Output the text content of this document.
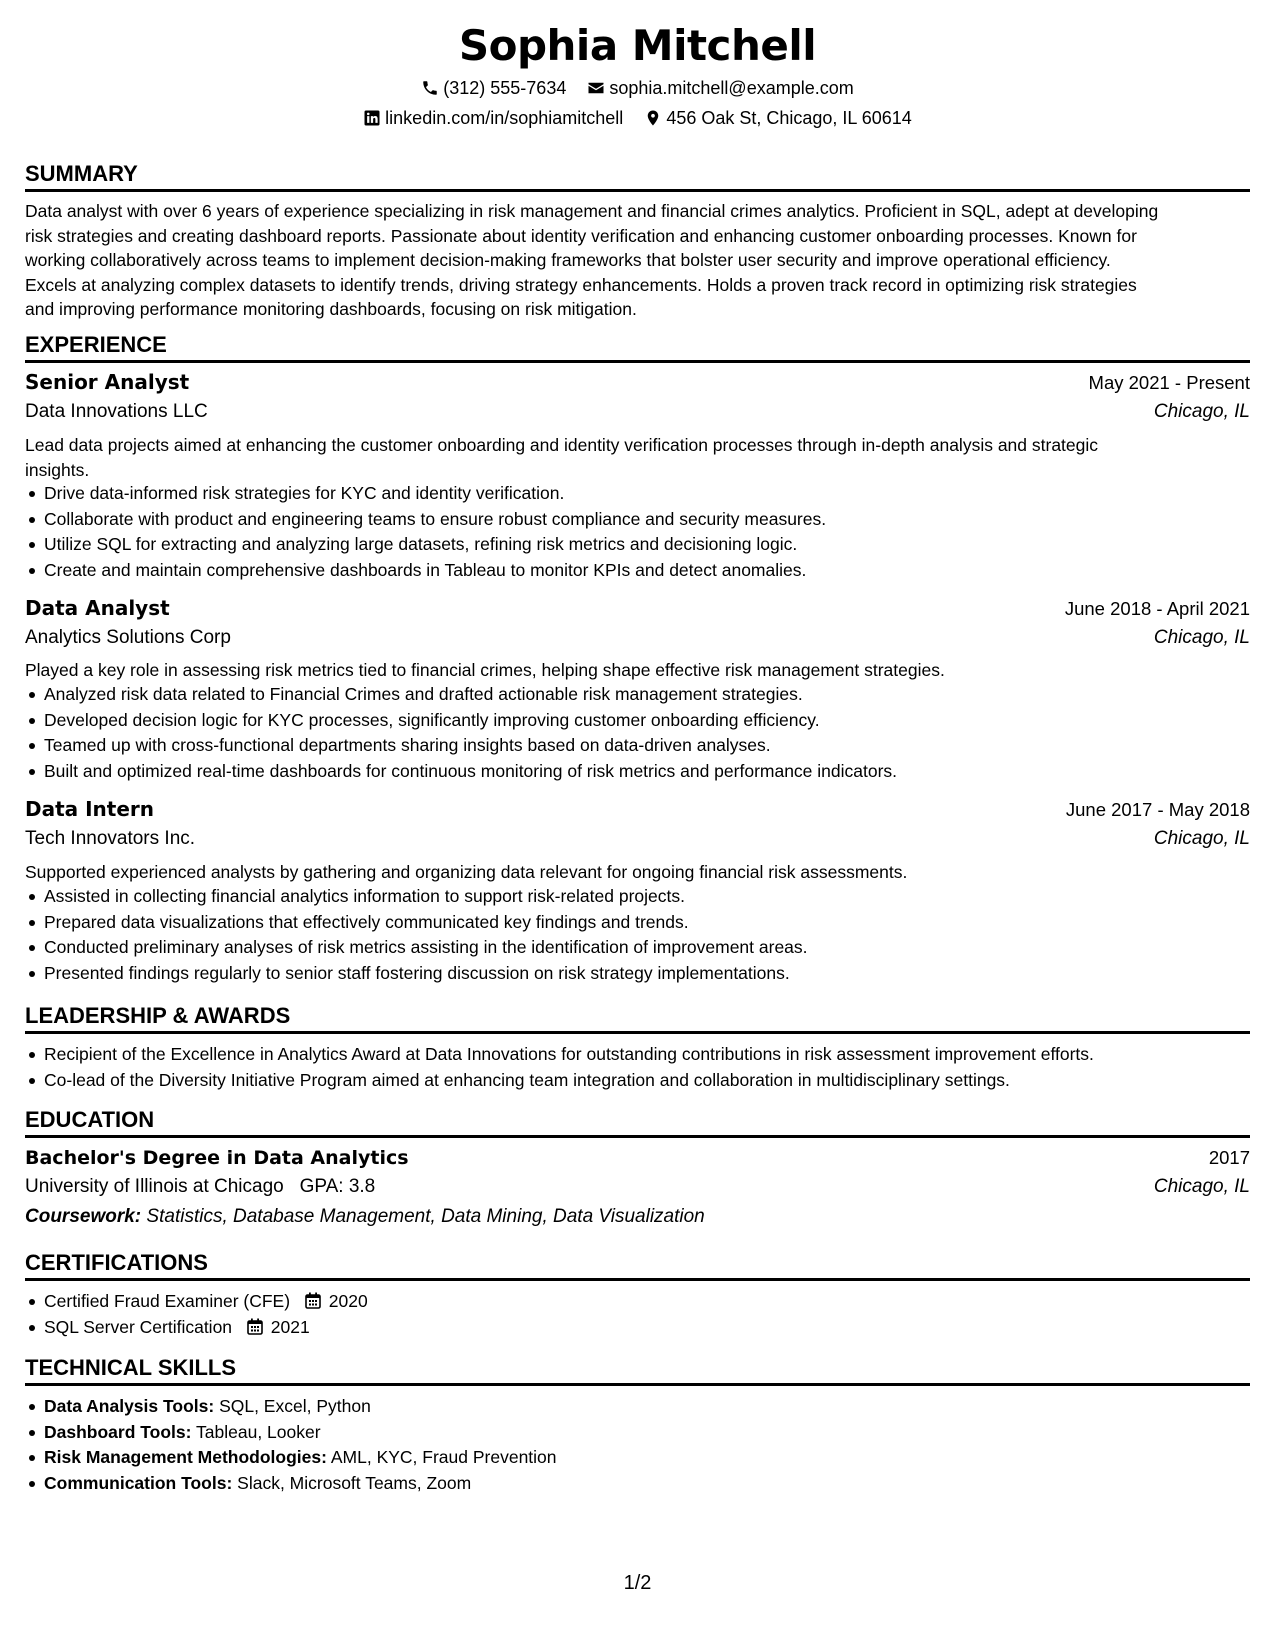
Sophia Mitchell
(312) 555-7634
sophia.mitchell@example.com
linkedin.com/in/sophiamitchell
456 Oak St, Chicago, IL 60614
SUMMARY
Data analyst with over 6 years of experience specializing in risk management and financial crimes analytics. Proficient in SQL, adept at developing
risk strategies and creating dashboard reports. Passionate about identity verification and enhancing customer onboarding processes. Known for
working collaboratively across teams to implement decision-making frameworks that bolster user security and improve operational efficiency.
Excels at analyzing complex datasets to identify trends, driving strategy enhancements. Holds a proven track record in optimizing risk strategies
and improving performance monitoring dashboards, focusing on risk mitigation.
EXPERIENCE
Senior Analyst	May 2021 - Present
Data Innovations LLC	Chicago, IL
Lead data projects aimed at enhancing the customer onboarding and identity verification processes through in-depth analysis and strategic
insights.
Drive data-informed risk strategies for KYC and identity verification.
Collaborate with product and engineering teams to ensure robust compliance and security measures.
Utilize SQL for extracting and analyzing large datasets, refining risk metrics and decisioning logic.
Create and maintain comprehensive dashboards in Tableau to monitor KPIs and detect anomalies.
Data Analyst	June 2018 - April 2021
Analytics Solutions Corp	Chicago, IL
Played a key role in assessing risk metrics tied to financial crimes, helping shape effective risk management strategies.
Analyzed risk data related to Financial Crimes and drafted actionable risk management strategies.
Developed decision logic for KYC processes, significantly improving customer onboarding efficiency.
Teamed up with cross-functional departments sharing insights based on data-driven analyses.
Built and optimized real-time dashboards for continuous monitoring of risk metrics and performance indicators.
Data Intern	June 2017 - May 2018
Tech Innovators Inc.	Chicago, IL
Supported experienced analysts by gathering and organizing data relevant for ongoing financial risk assessments.
Assisted in collecting financial analytics information to support risk-related projects.
Prepared data visualizations that effectively communicated key findings and trends.
Conducted preliminary analyses of risk metrics assisting in the identification of improvement areas.
Presented findings regularly to senior staff fostering discussion on risk strategy implementations.
LEADERSHIP & AWARDS
Recipient of the Excellence in Analytics Award at Data Innovations for outstanding contributions in risk assessment improvement efforts.
Co-lead of the Diversity Initiative Program aimed at enhancing team integration and collaboration in multidisciplinary settings.
EDUCATION
Bachelor's Degree in Data Analytics	2017
University of Illinois at Chicago GPA: 3.8	Chicago, IL
Coursework: Statistics, Database Management, Data Mining, Data Visualization
CERTIFICATIONS
Certified Fraud Examiner (CFE) 2020
SQL Server Certification 2021
TECHNICAL SKILLS
Data Analysis Tools: SQL, Excel, Python
Dashboard Tools: Tableau, Looker
Risk Management Methodologies: AML, KYC, Fraud Prevention
Communication Tools: Slack, Microsoft Teams, Zoom
1/2
